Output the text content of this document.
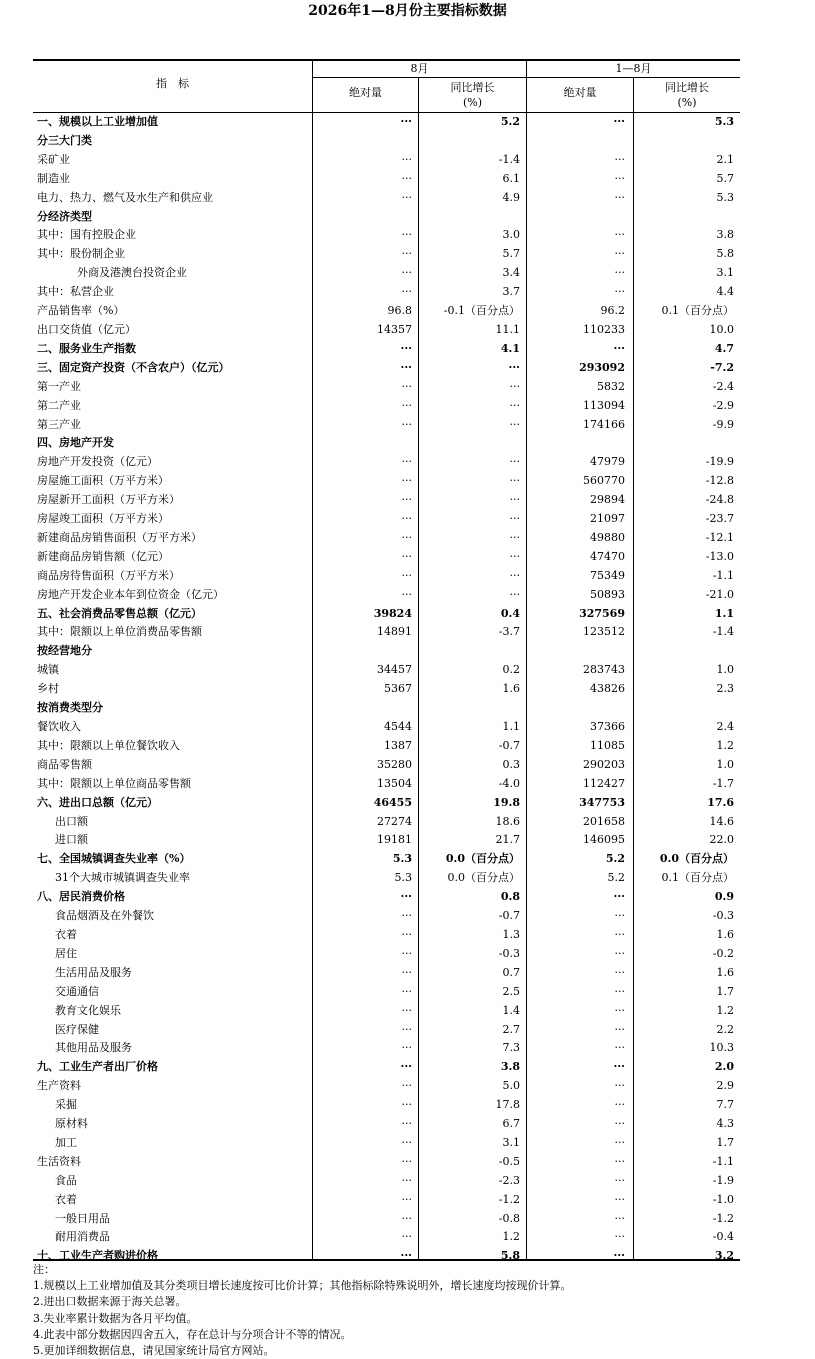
2026年1—8月份主要指标数据
指　标
8月	1—8月
绝对量	同比增长
(%)
绝对量	同比增长
(%)
一、规模以上工业增加值	···	5.2	···	5.3
分三大门类
采矿业	···	-1.4	···	2.1
制造业	···	6.1	···	5.7
电力、热力、燃气及水生产和供应业	···	4.9	···	5.3
分经济类型
其中：国有控股企业	···	3.0	···	3.8
其中：股份制企业	···	5.7	···	5.8
外商及港澳台投资企业	···	3.4	···	3.1
其中：私营企业	···	3.7	···	4.4
产品销售率（%）	96.8	-0.1（百分点）	96.2	0.1（百分点）
出口交货值（亿元）	14357	11.1	110233	10.0
二、服务业生产指数	···	4.1	···	4.7
三、固定资产投资（不含农户）（亿元）	···	···	293092	-7.2
第一产业	···	···	5832	-2.4
第二产业	···	···	113094	-2.9
第三产业	···	···	174166	-9.9
四、房地产开发
房地产开发投资（亿元）	···	···	47979	-19.9
房屋施工面积（万平方米）	···	···	560770	-12.8
房屋新开工面积（万平方米）	···	···	29894	-24.8
房屋竣工面积（万平方米）	···	···	21097	-23.7
新建商品房销售面积（万平方米）	···	···	49880	-12.1
新建商品房销售额（亿元）	···	···	47470	-13.0
商品房待售面积（万平方米）	···	···	75349	-1.1
房地产开发企业本年到位资金（亿元）	···	···	50893	-21.0
五、社会消费品零售总额（亿元）	39824	0.4	327569	1.1
其中：限额以上单位消费品零售额	14891	-3.7	123512	-1.4
按经营地分
城镇	34457	0.2	283743	1.0
乡村	5367	1.6	43826	2.3
按消费类型分
餐饮收入	4544	1.1	37366	2.4
其中：限额以上单位餐饮收入	1387	-0.7	11085	1.2
商品零售额	35280	0.3	290203	1.0
其中：限额以上单位商品零售额	13504	-4.0	112427	-1.7
六、进出口总额（亿元）	46455	19.8	347753	17.6
出口额	27274	18.6	201658	14.6
进口额	19181	21.7	146095	22.0
七、全国城镇调查失业率（%）	5.3	0.0（百分点）	5.2	0.0（百分点）
31个大城市城镇调查失业率	5.3	0.0（百分点）	5.2	0.1（百分点）
八、居民消费价格	···	0.8	···	0.9
食品烟酒及在外餐饮	···	-0.7	···	-0.3
衣着	···	1.3	···	1.6
居住	···	-0.3	···	-0.2
生活用品及服务	···	0.7	···	1.6
交通通信	···	2.5	···	1.7
教育文化娱乐	···	1.4	···	1.2
医疗保健	···	2.7	···	2.2
其他用品及服务	···	7.3	···	10.3
九、工业生产者出厂价格	···	3.8	···	2.0
生产资料	···	5.0	···	2.9
采掘	···	17.8	···	7.7
原材料	···	6.7	···	4.3
加工	···	3.1	···	1.7
生活资料	···	-0.5	···	-1.1
食品	···	-2.3	···	-1.9
衣着	···	-1.2	···	-1.0
一般日用品	···	-0.8	···	-1.2
耐用消费品	···	1.2	···	-0.4
十、工业生产者购进价格	···	5.8	···	3.2
注：
1.规模以上工业增加值及其分类项目增长速度按可比价计算；其他指标除特殊说明外，增长速度均按现价计算。
2.进出口数据来源于海关总署。
3.失业率累计数据为各月平均值。
4.此表中部分数据因四舍五入，存在总计与分项合计不等的情况。
5.更加详细数据信息，请见国家统计局官方网站。
